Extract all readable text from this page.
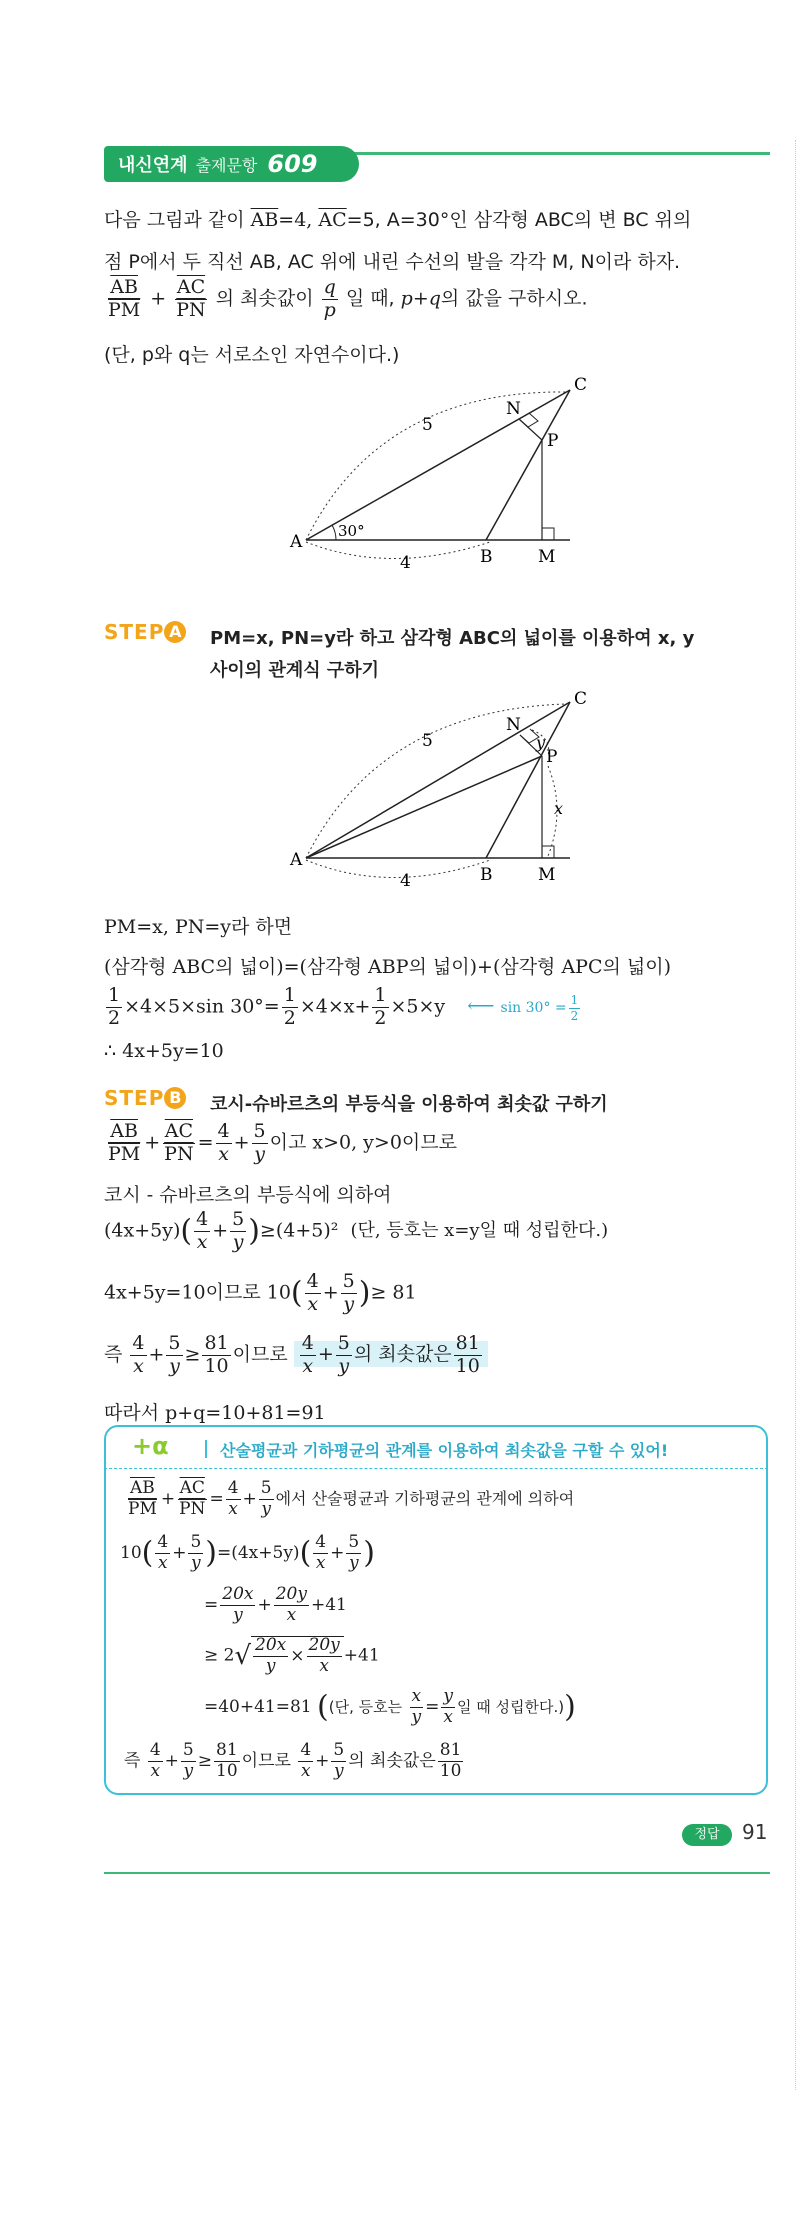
내신연계 출제문항 609
다음 그림과 같이 $\overline{AB}=4$, $\overline{AC}=5$, A=30°인 삼각형 ABC의 변 BC 위의
점 P에서 두 직선 AB, AC 위에 내린 수선의 발을 각각 M, N이라 하자.
$\frac{\overline{AB}}{PM} + \frac{\overline{AC}}{PN}$ 의 최솟값이 $\frac{q}{p}$ 일 때, p+q의 값을 구하시오.
(단, p와 q는 서로소인 자연수이다.)
A
B
C
M
N
P
5
4
30°
STEP A PM=x, PN=y라 하고 삼각형 ABC의 넓이를 이용하여 x, y
사이의 관계식 구하기
A
B
C
M
N
P
5
4
x
y
PM=x, PN=y라 하면
(삼각형 ABC의 넓이)=(삼각형 ABP의 넓이)+(삼각형 APC의 넓이)
$\frac{1}{2} \times 4\times 5\times\sin$ $30^\circ= \frac{1}{2} \times 4\times x+ \frac{1}{2} \times 5\times y$ ⟵ $\sin 30^\circ = \frac{1}{2}$
∴ 4x+5y=10
STEP B 코시-슈바르츠의 부등식을 이용하여 최솟값 구하기
$\frac{\overline{AB}}{PM} + \frac{\overline{AC}}{PN} = \frac{4}{x} + \frac{5}{y}$ 이고 x>0, y>0이므로
코시 - 슈바르츠의 부등식에 의하여
$(4x+5y)( \frac{4}{x} + \frac{5}{y} )\ge(4+5)^2$ (단, 등호는 x=y일 때 성립한다.)
4x+5y=10이므로 $10( \frac{4}{x} + \frac{5}{y}$ )≥ 81
즉 $\frac{4}{x} + \frac{5}{y} \ge \frac{81}{10}$ 이므로 $\frac{4}{x} + \frac{5}{y}$ 의 최솟값은 $\frac{81}{10}$
따라서 p+q=10+81=91
+α	산술평균과 기하평균의 관계를 이용하여 최솟값을 구할 수 있어!
$\frac{\overline{AB}}{PM} + \frac{\overline{AC}}{PN} = \frac{4}{x} + \frac{5}{y}$ 에서 산술평균과 기하평균의 관계에 의하여
$10( \frac{4}{x} + \frac{5}{y} )=(4x+5y)( \frac{4}{x} + \frac{5}{y}$ )
= $\frac{20x}{y} + \frac{20y}{x} +41$
≥ $2√ \frac{20x}{y} \times \frac{20y}{x} +41$
=40+41=81 ((단, 등호는 $\frac{x}{y} = \frac{y}{x}$ 일 때 성립한다.))
즉 $\frac{4}{x} + \frac{5}{y} \ge \frac{81}{10}$ 이므로 $\frac{4}{x} + \frac{5}{y}$ 의 최솟값은 $\frac{81}{10}$
정답	91
